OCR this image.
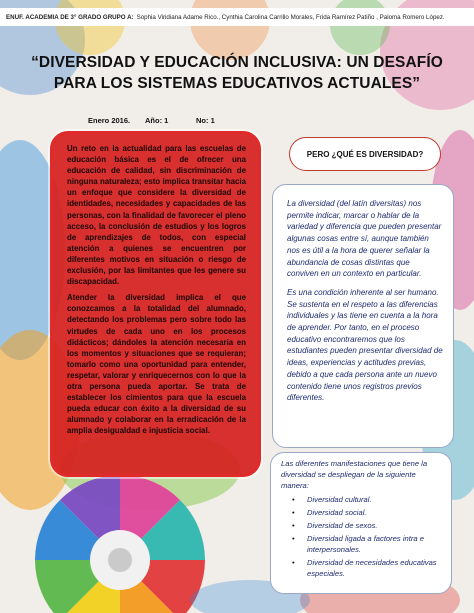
ENUF. ACADEMIA DE 3° GRADO GRUPO A: Sophia Viridiana Adame Rico., Cynthia Carolina Carrillo Morales, Frida Ramírez Patiño , Paloma Romero López.
“DIVERSIDAD Y EDUCACIÓN INCLUSIVA: UN DESAFÍO
PARA LOS SISTEMAS EDUCATIVOS ACTUALES”
Enero 2016. Año: 1	No: 1

Un reto en la actualidad para las escuelas de educación básica es el de ofrecer una educación de calidad, sin discriminación de ninguna naturaleza; esto implica transitar hacia un enfoque que considere la diversidad de identidades, necesidades y capacidades de las personas, con la finalidad de favorecer el pleno acceso, la conclusión de estudios y los logros de aprendizajes de todos, con especial atención a quienes se encuentren por diferentes motivos en situación o riesgo de exclusión, por las limitantes que les genere su discapacidad.

Atender la diversidad implica el que conozcamos a la totalidad del alumnado, detectando los problemas pero sobre todo las virtudes de cada uno en los procesos didácticos; dándoles la atención necesaria en los momentos y situaciones que se requieran; tomarlo como una oportunidad para entender, respetar, valorar y enriquecernos con lo que la otra persona pueda aportar. Se trata de establecer los cimientos para que la escuela pueda educar con éxito a la diversidad de su alumnado y colaborar en la erradicación de la amplia desigualdad e injusticia social.

PERO ¿QUÉ ES DIVERSIDAD?

La diversidad (del latín diversitas) nos permite indicar, marcar o hablar de la variedad y diferencia que pueden presentar algunas cosas entre sí, aunque también nos es útil a la hora de querer señalar la abundancia de cosas distintas que conviven en un contexto en particular.

Es una condición inherente al ser humano. Se sustenta en el respeto a las diferencias individuales y las tiene en cuenta a la hora de aprender. Por tanto, en el proceso educativo encontraremos que los estudiantes pueden presentar diversidad de ideas, experiencias y actitudes previas, debido a que cada persona ante un nuevo contenido tiene unos registros previos diferentes.

Las diferentes manifestaciones que tiene la diversidad se despliegan de la siguiente manera:

• Diversidad cultural.
• Diversidad social.
• Diversidad de sexos.
• Diversidad ligada a factores intra e interpersonales.
• Diversidad de necesidades educativas especiales.
